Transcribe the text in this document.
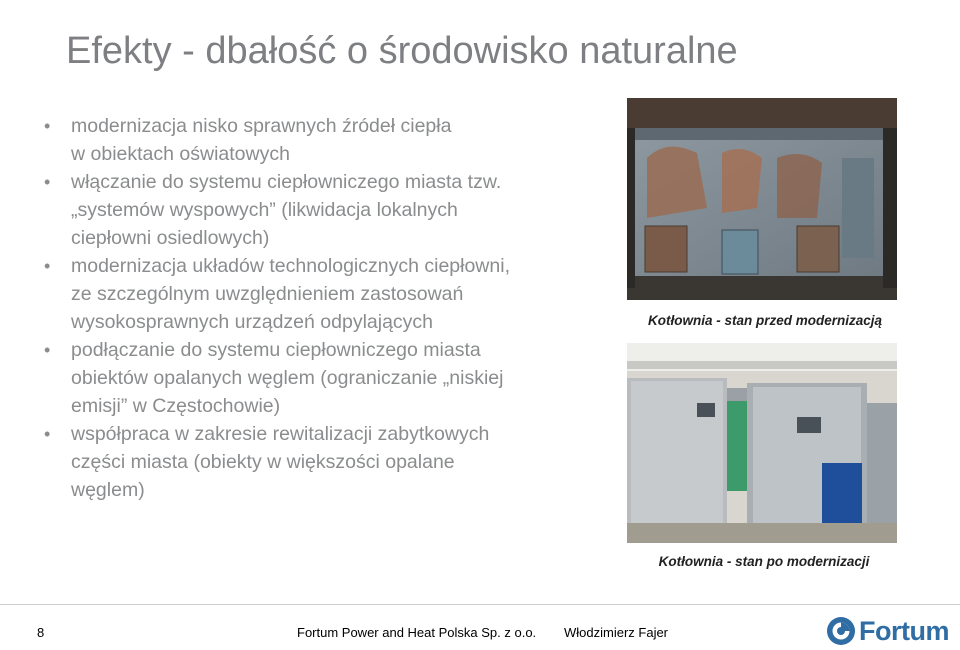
Efekty - dbałość o środowisko naturalne
• modernizacja nisko sprawnych źródeł ciepła
w obiektach oświatowych
• włączanie do systemu ciepłowniczego miasta tzw.
„systemów wyspowych” (likwidacja lokalnych
ciepłowni osiedlowych)
• modernizacja układów technologicznych ciepłowni,
ze szczególnym uwzględnieniem zastosowań
wysokosprawnych urządzeń odpylających
• podłączanie do systemu ciepłowniczego miasta
obiektów opalanych węglem (ograniczanie „niskiej
emisji” w Częstochowie)
• współpraca w zakresie rewitalizacji zabytkowych
części miasta (obiekty w większości opalane
węglem)
Kotłownia - stan przed modernizacją
Kotłownia - stan po modernizacji
8	Fortum Power and Heat Polska Sp. z o.o. Włodzimierz Fajer	Fortum
